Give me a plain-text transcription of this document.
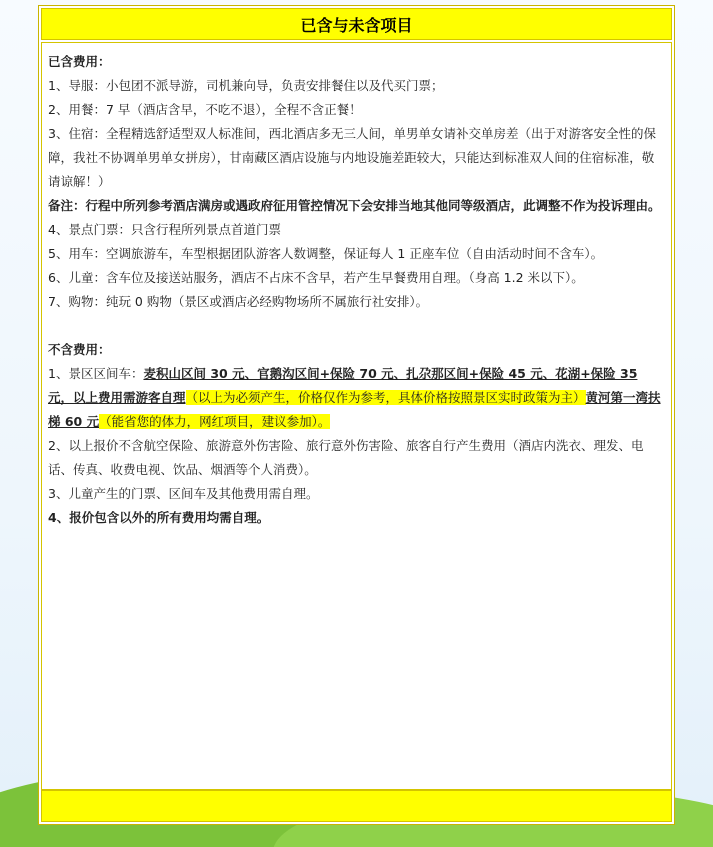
已含与未含项目

已含费用：

1、导服：小包团不派导游，司机兼向导，负责安排餐住以及代买门票；

2、用餐：7 早（酒店含早，不吃不退），全程不含正餐！

3、住宿：全程精选舒适型双人标准间，西北酒店多无三人间，单男单女请补交单房差（出于对游客安全性的保障，我社不协调单男单女拼房），甘南藏区酒店设施与内地设施差距较大，只能达到标准双人间的住宿标准，敬请谅解！）

备注：行程中所列参考酒店满房或遇政府征用管控情况下会安排当地其他同等级酒店，此调整不作为投诉理由。

4、景点门票：只含行程所列景点首道门票

5、用车：空调旅游车，车型根据团队游客人数调整，保证每人 1 正座车位（自由活动时间不含车）。

6、儿童：含车位及接送站服务，酒店不占床不含早，若产生早餐费用自理。（身高 1.2 米以下）。

7、购物：纯玩 0 购物（景区或酒店必经购物场所不属旅行社安排）。

不含费用：

1、景区区间车：麦积山区间 30 元、官鹅沟区间+保险 70 元、扎尕那区间+保险 45 元、花湖+保险 35 元，以上费用需游客自理（以上为必须产生，价格仅作为参考，具体价格按照景区实时政策为主）黄河第一湾扶梯 60 元（能省您的体力，网红项目，建议参加）。

2、以上报价不含航空保险、旅游意外伤害险、旅行意外伤害险、旅客自行产生费用（酒店内洗衣、理发、电话、传真、收费电视、饮品、烟酒等个人消费）。

3、儿童产生的门票、区间车及其他费用需自理。

4、报价包含以外的所有费用均需自理。
